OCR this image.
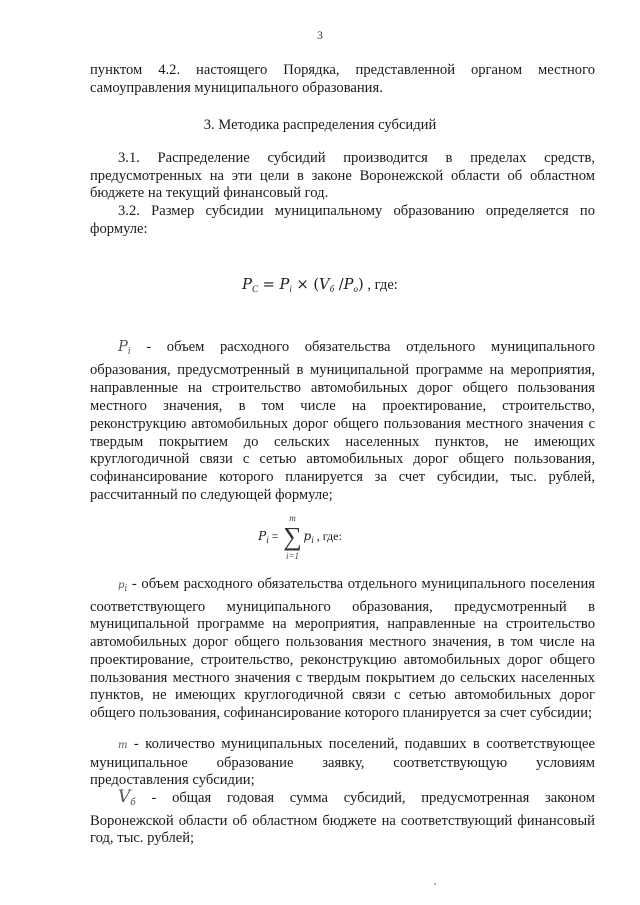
3
пунктом 4.2. настоящего Порядка, представленной органом местного самоуправления муниципального образования.
3. Методика распределения субсидий
3.1. Распределение субсидий производится в пределах средств, предусмотренных на эти цели в законе Воронежской области об областном бюджете на текущий финансовый год.
3.2. Размер субсидии муниципальному образованию определяется по формуле:
$P_C = P_i \times (V_б$ $/P_о$) , где:
$P_i$ - объем расходного обязательства отдельного муниципального образования, предусмотренный в муниципальной программе на мероприятия, направленные на строительство автомобильных дорог общего пользования местного значения, в том числе на проектирование, строительство, реконструкцию автомобильных дорог общего пользования местного значения с твердым покрытием до сельских населенных пунктов, не имеющих круглогодичной связи с сетью автомобильных дорог общего пользования, софинансирование которого планируется за счет субсидии, тыс. рублей, рассчитанный по следующей формуле;
$P_i$ =
m
∑
i=1
$p_i$ , где:
$p_i$ - объем расходного обязательства отдельного муниципального поселения соответствующего муниципального образования, предусмотренный в муниципальной программе на мероприятия, направленные на строительство автомобильных дорог общего пользования местного значения, в том числе на проектирование, строительство, реконструкцию автомобильных дорог общего пользования местного значения с твердым покрытием до сельских населенных пунктов, не имеющих круглогодичной связи с сетью автомобильных дорог общего пользования, софинансирование которого планируется за счет субсидии;
m - количество муниципальных поселений, подавших в соответствующее муниципальное образование заявку, соответствующую условиям предоставления субсидии;
$V_б$ - общая годовая сумма субсидий, предусмотренная законом Воронежской области об областном бюджете на соответствующий финансовый год, тыс. рублей;
